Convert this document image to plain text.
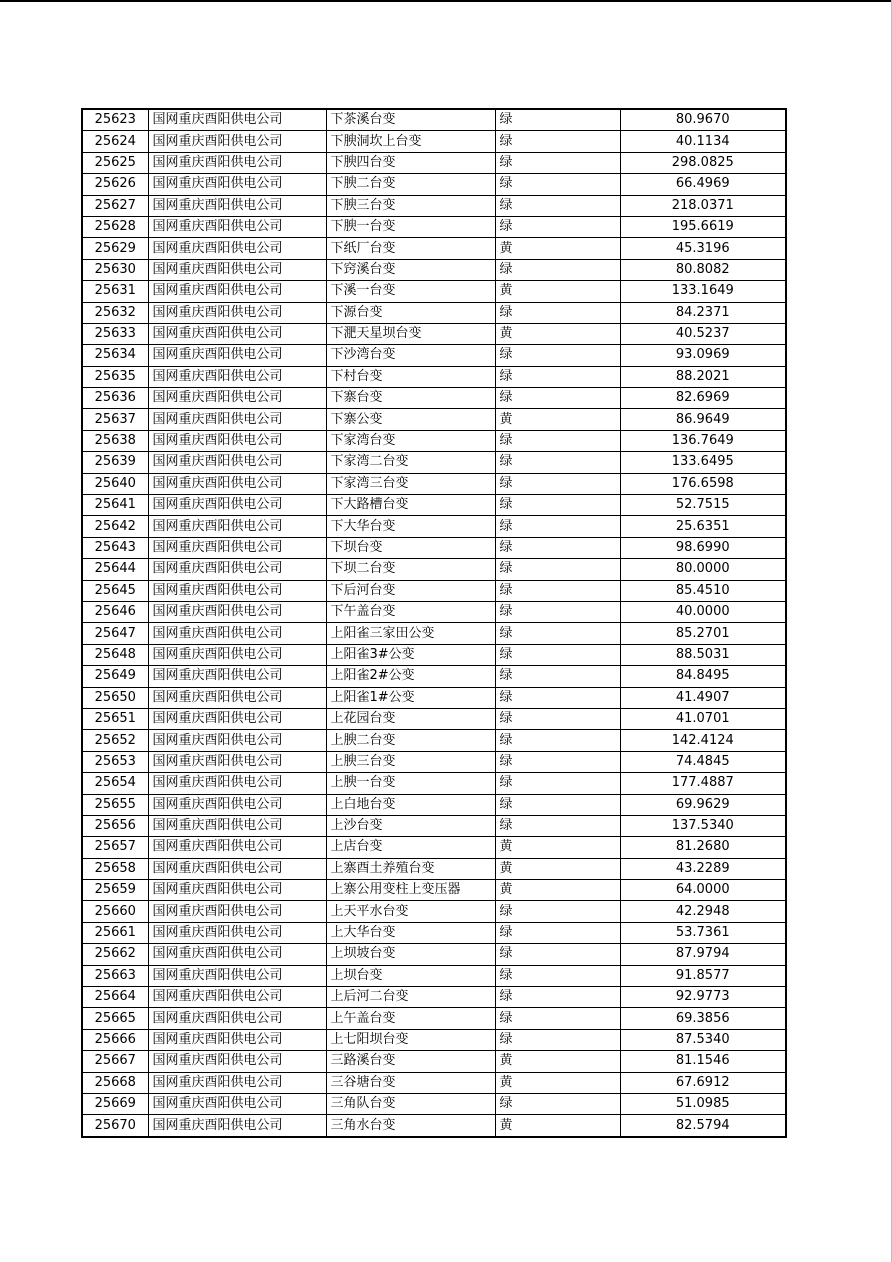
25623	国网重庆酉阳供电公司	下茶溪台变	绿	80.9670
25624	国网重庆酉阳供电公司	下腴洞坎上台变	绿	40.1134
25625	国网重庆酉阳供电公司	下腴四台变	绿	298.0825
25626	国网重庆酉阳供电公司	下腴二台变	绿	66.4969
25627	国网重庆酉阳供电公司	下腴三台变	绿	218.0371
25628	国网重庆酉阳供电公司	下腴一台变	绿	195.6619
25629	国网重庆酉阳供电公司	下纸厂台变	黄	45.3196
25630	国网重庆酉阳供电公司	下窍溪台变	绿	80.8082
25631	国网重庆酉阳供电公司	下溪一台变	黄	133.1649
25632	国网重庆酉阳供电公司	下源台变	绿	84.2371
25633	国网重庆酉阳供电公司	下淝天星坝台变	黄	40.5237
25634	国网重庆酉阳供电公司	下沙湾台变	绿	93.0969
25635	国网重庆酉阳供电公司	下村台变	绿	88.2021
25636	国网重庆酉阳供电公司	下寨台变	绿	82.6969
25637	国网重庆酉阳供电公司	下寨公变	黄	86.9649
25638	国网重庆酉阳供电公司	下家湾台变	绿	136.7649
25639	国网重庆酉阳供电公司	下家湾二台变	绿	133.6495
25640	国网重庆酉阳供电公司	下家湾三台变	绿	176.6598
25641	国网重庆酉阳供电公司	下大路槽台变	绿	52.7515
25642	国网重庆酉阳供电公司	下大华台变	绿	25.6351
25643	国网重庆酉阳供电公司	下坝台变	绿	98.6990
25644	国网重庆酉阳供电公司	下坝二台变	绿	80.0000
25645	国网重庆酉阳供电公司	下后河台变	绿	85.4510
25646	国网重庆酉阳供电公司	下午盖台变	绿	40.0000
25647	国网重庆酉阳供电公司	上阳雀三家田公变	绿	85.2701
25648	国网重庆酉阳供电公司	上阳雀3#公变	绿	88.5031
25649	国网重庆酉阳供电公司	上阳雀2#公变	绿	84.8495
25650	国网重庆酉阳供电公司	上阳雀1#公变	绿	41.4907
25651	国网重庆酉阳供电公司	上花园台变	绿	41.0701
25652	国网重庆酉阳供电公司	上腴二台变	绿	142.4124
25653	国网重庆酉阳供电公司	上腴三台变	绿	74.4845
25654	国网重庆酉阳供电公司	上腴一台变	绿	177.4887
25655	国网重庆酉阳供电公司	上白地台变	绿	69.9629
25656	国网重庆酉阳供电公司	上沙台变	绿	137.5340
25657	国网重庆酉阳供电公司	上店台变	黄	81.2680
25658	国网重庆酉阳供电公司	上寨酉土养殖台变	黄	43.2289
25659	国网重庆酉阳供电公司	上寨公用变柱上变压器	黄	64.0000
25660	国网重庆酉阳供电公司	上天平水台变	绿	42.2948
25661	国网重庆酉阳供电公司	上大华台变	绿	53.7361
25662	国网重庆酉阳供电公司	上坝坡台变	绿	87.9794
25663	国网重庆酉阳供电公司	上坝台变	绿	91.8577
25664	国网重庆酉阳供电公司	上后河二台变	绿	92.9773
25665	国网重庆酉阳供电公司	上午盖台变	绿	69.3856
25666	国网重庆酉阳供电公司	上七阳坝台变	绿	87.5340
25667	国网重庆酉阳供电公司	三路溪台变	黄	81.1546
25668	国网重庆酉阳供电公司	三谷塘台变	黄	67.6912
25669	国网重庆酉阳供电公司	三角队台变	绿	51.0985
25670	国网重庆酉阳供电公司	三角水台变	黄	82.5794
